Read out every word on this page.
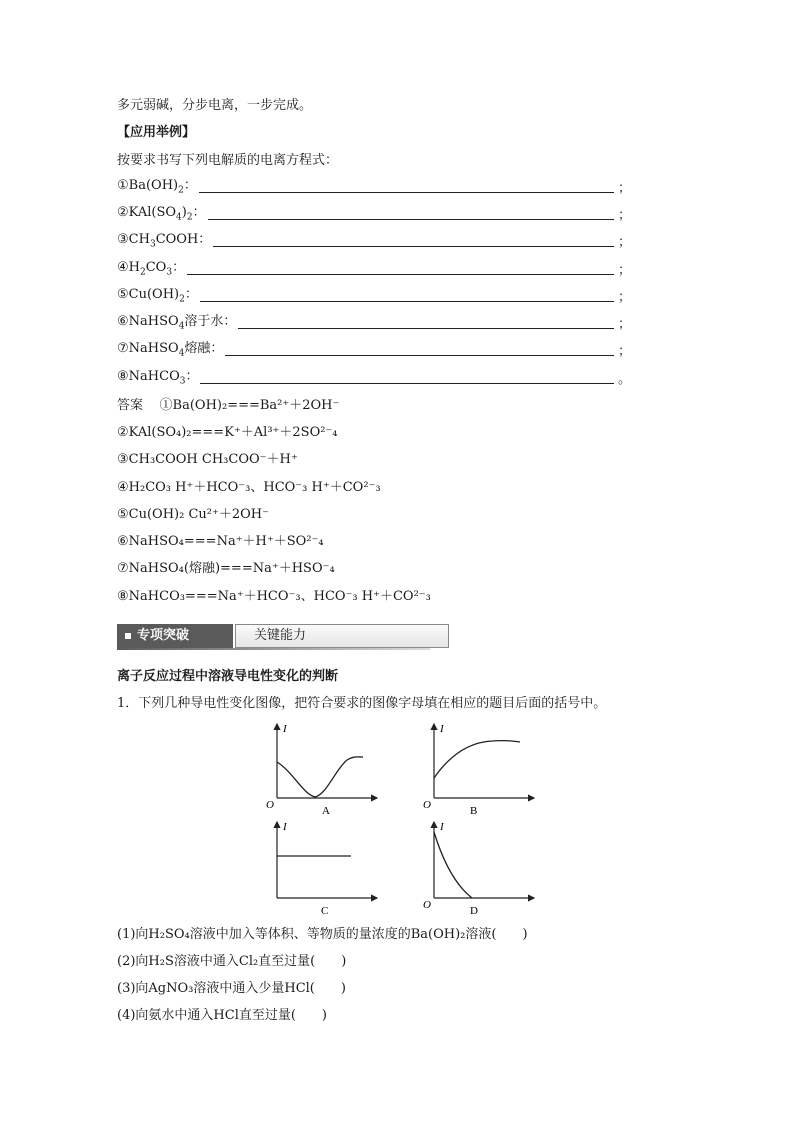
多元弱碱，分步电离，一步完成。
【应用举例】
按要求书写下列电解质的电离方程式：
$①Ba(OH)_2$：	；
$②KAl(SO_4)_2$：	；
$③CH_3COOH$：	；
$④H_2CO_3$：	；
$⑤Cu(OH)_2$：	；
⑥NaHSO$_4$溶于水：	；
⑦NaHSO$_4$熔融：	；
⑧NaHCO$_3$：	。
答案 ①Ba(OH)₂===Ba²⁺＋2OH⁻
②KAl(SO₄)₂===K⁺＋Al³⁺＋2SO²⁻₄
③CH₃COOH CH₃COO⁻＋H⁺
④H₂CO₃ H⁺＋HCO⁻₃、HCO⁻₃ H⁺＋CO²⁻₃
⑤Cu(OH)₂ Cu²⁺＋2OH⁻
⑥NaHSO₄===Na⁺＋H⁺＋SO²⁻₄
⑦NaHSO₄(熔融)===Na⁺＋HSO⁻₄
⑧NaHCO₃===Na⁺＋HCO⁻₃、HCO⁻₃ H⁺＋CO²⁻₃
专项突破	关键能力
离子反应过程中溶液导电性变化的判断
1．下列几种导电性变化图像，把符合要求的图像字母填在相应的题目后面的括号中。
I
O	A
I
O	B
I
C
I
O	D
(1)向H₂SO₄溶液中加入等体积、等物质的量浓度的Ba(OH)₂溶液(　　)
(2)向H₂S溶液中通入Cl₂直至过量(　　)
(3)向AgNO₃溶液中通入少量HCl(　　)
(4)向氨水中通入HCl直至过量(　　)
